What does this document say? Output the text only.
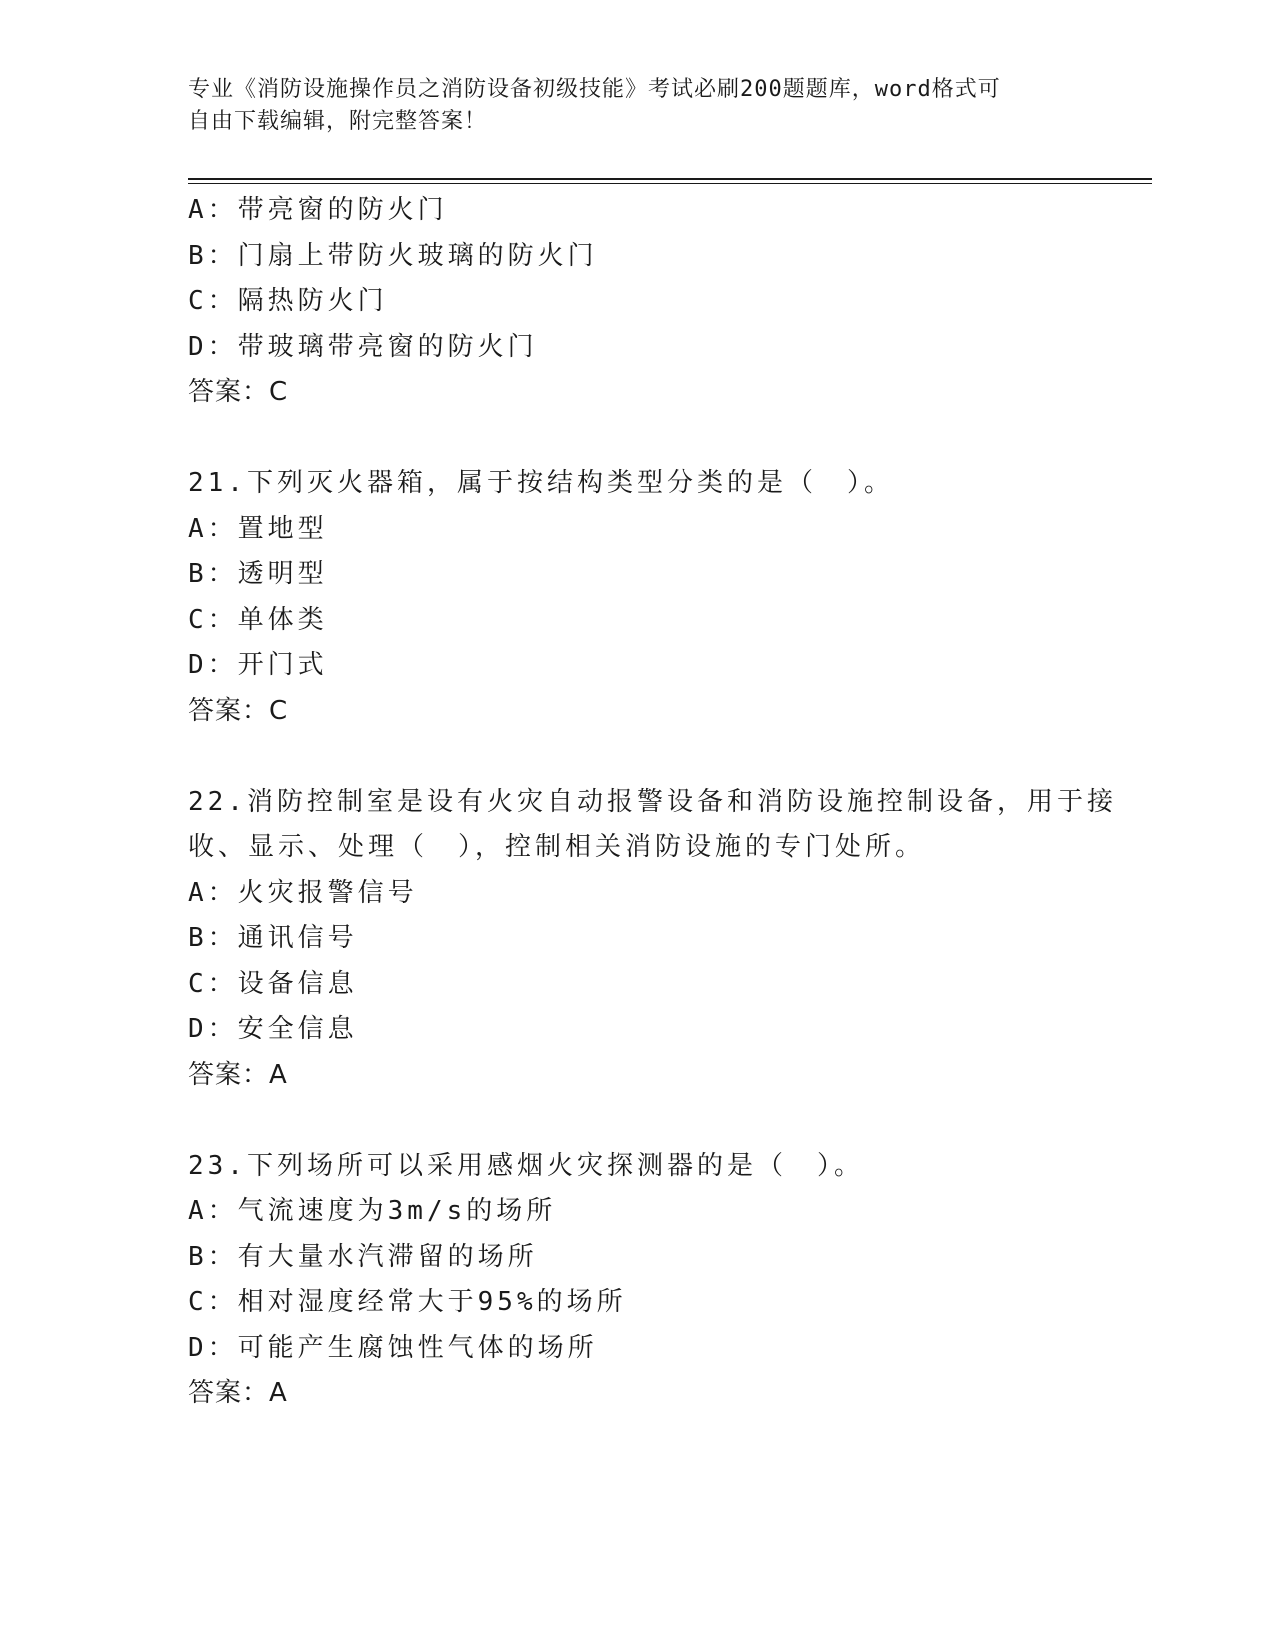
专业《消防设施操作员之消防设备初级技能》考试必刷200题题库，word格式可
自由下载编辑，附完整答案！
A：带亮窗的防火门
B：门扇上带防火玻璃的防火门
C：隔热防火门
D：带玻璃带亮窗的防火门
答案：C
21.下列灭火器箱，属于按结构类型分类的是（　）。
A：置地型
B：透明型
C：单体类
D：开门式
答案：C
22.消防控制室是设有火灾自动报警设备和消防设施控制设备，用于接
收、显示、处理（　），控制相关消防设施的专门处所。
A：火灾报警信号
B：通讯信号
C：设备信息
D：安全信息
答案：A
23.下列场所可以采用感烟火灾探测器的是（　）。
A：气流速度为3m/s的场所
B：有大量水汽滞留的场所
C：相对湿度经常大于95%的场所
D：可能产生腐蚀性气体的场所
答案：A
